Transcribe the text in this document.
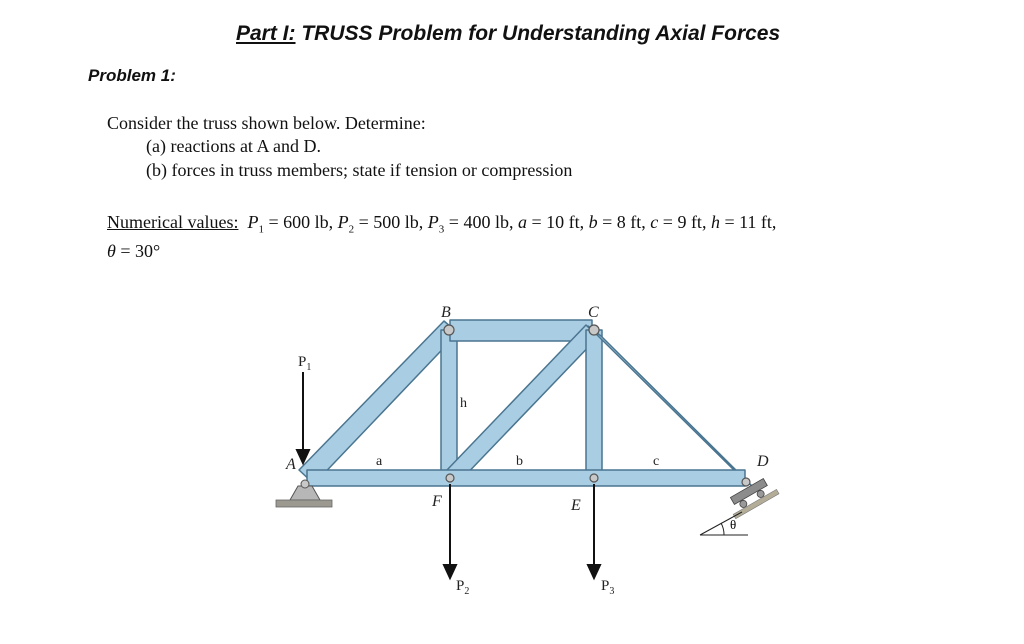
Part I: TRUSS Problem for Understanding Axial Forces
Problem 1:
Consider the truss shown below. Determine:
(a) reactions at A and D.
(b) forces in truss members; state if tension or compression
Numerical values: $P_1 = 600$ lb, $P_2 = 500$ lb, $P_3 = 400$ lb, a = 10 ft, b = 8 ft, c = 9 ft, h = 11 ft,
θ = 30°
θ
A
B	C
D
E
F
a	b	c
h
$P_1$
$P_2$	$P_3$
